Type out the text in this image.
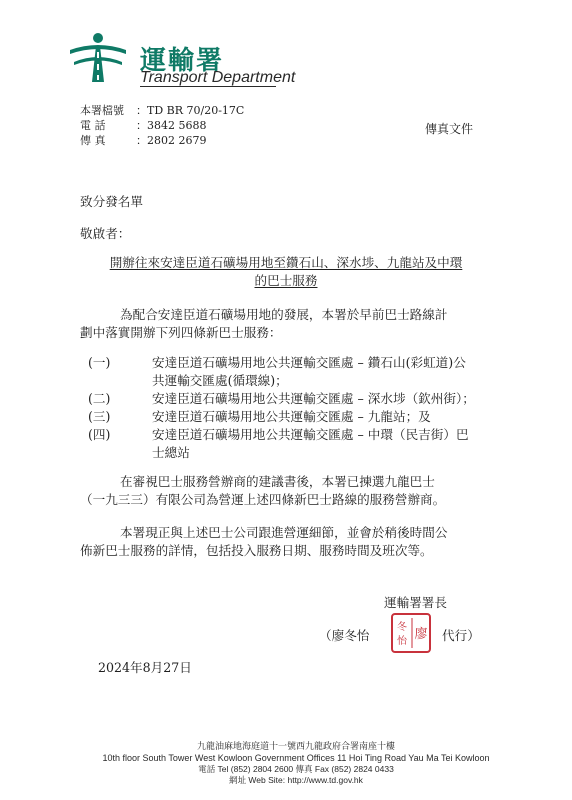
運輸署
Transport Department
本署檔號	： TD BR 70/20-17C
電 話	： 3842 5688
傳 真	： 2802 2679
傳真文件
致分發名單
敬啟者：
開辦往來安達臣道石礦場用地至鑽石山、深水埗、九龍站及中環
的巴士服務
為配合安達臣道石礦場用地的發展，本署於早前巴士路線計
劃中落實開辦下列四條新巴士服務：
(一)	安達臣道石礦場用地公共運輸交匯處 – 鑽石山(彩虹道)公
共運輸交匯處(循環線)；
(二)	安達臣道石礦場用地公共運輸交匯處 – 深水埗（欽州街）；
(三)	安達臣道石礦場用地公共運輸交匯處 – 九龍站；及
(四)	安達臣道石礦場用地公共運輸交匯處 – 中環（民吉街）巴
士總站
在審視巴士服務營辦商的建議書後，本署已揀選九龍巴士
（一九三三）有限公司為營運上述四條新巴士路線的服務營辦商。
本署現正與上述巴士公司跟進營運細節，並會於稍後時間公
佈新巴士服務的詳情，包括投入服務日期、服務時間及班次等。
運輸署署長
（廖冬怡
冬
怡 廖 代行）
2024年8月27日
九龍油麻地海庭道十一號西九龍政府合署南座十樓
10th floor South Tower West Kowloon Government Offices 11 Hoi Ting Road Yau Ma Tei Kowloon
電話 Tel (852) 2804 2600 傳真 Fax (852) 2824 0433
網址 Web Site: http://www.td.gov.hk
